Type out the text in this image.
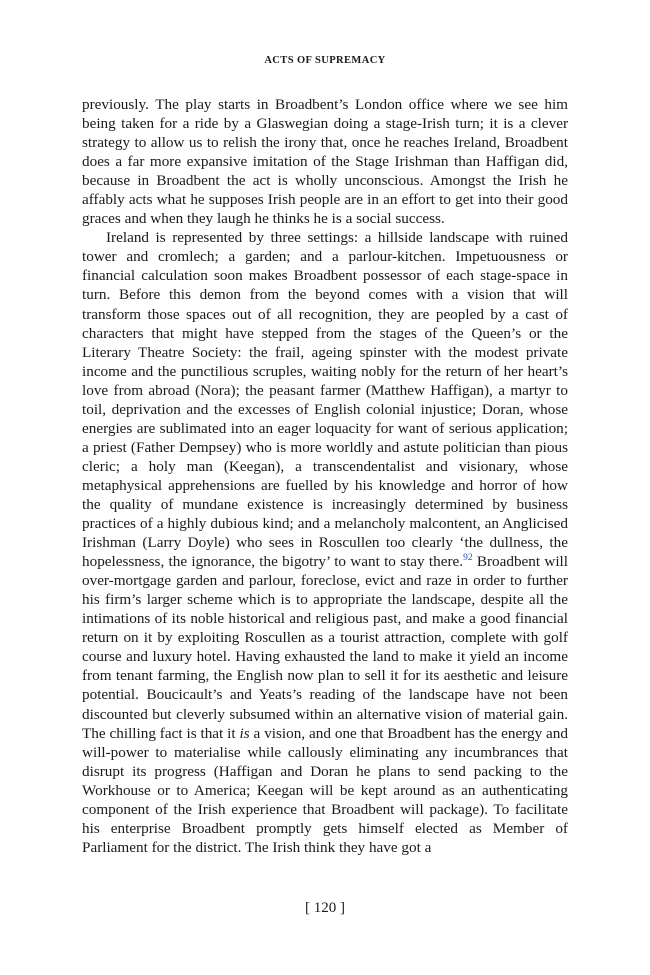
ACTS OF SUPREMACY

previously. The play starts in Broadbent’s London office where we see him being taken for a ride by a Glaswegian doing a stage-Irish turn; it is a clever strategy to allow us to relish the irony that, once he reaches Ireland, Broadbent does a far more expansive imitation of the Stage Irishman than Haffigan did, because in Broadbent the act is wholly unconscious. Amongst the Irish he affably acts what he supposes Irish people are in an effort to get into their good graces and when they laugh he thinks he is a social success.

Ireland is represented by three settings: a hillside landscape with ruined tower and cromlech; a garden; and a parlour-kitchen. Impetuousness or financial calculation soon makes Broadbent possessor of each stage-space in turn. Before this demon from the beyond comes with a vision that will transform those spaces out of all recognition, they are peopled by a cast of characters that might have stepped from the stages of the Queen’s or the Literary Theatre Society: the frail, ageing spinster with the modest private income and the punctilious scruples, waiting nobly for the return of her heart’s love from abroad (Nora); the peasant farmer (Matthew Haffigan), a martyr to toil, deprivation and the excesses of English colonial injustice; Doran, whose energies are sublimated into an eager loquacity for want of serious application; a priest (Father Dempsey) who is more worldly and astute politician than pious cleric; a holy man (Keegan), a transcendentalist and visionary, whose metaphysical apprehensions are fuelled by his knowledge and horror of how the quality of mundane existence is increasingly determined by business practices of a highly dubious kind; and a melancholy malcontent, an Anglicised Irishman (Larry Doyle) who sees in Roscullen too clearly ‘the dullness, the hopelessness, the ignorance, the bigotry’ to want to stay there.$^{92}$ Broadbent will over-mortgage garden and parlour, foreclose, evict and raze in order to further his firm’s larger scheme which is to appropriate the landscape, despite all the intimations of its noble historical and religious past, and make a good financial return on it by exploiting Roscullen as a tourist attraction, complete with golf course and luxury hotel. Having exhausted the land to make it yield an income from tenant farming, the English now plan to sell it for its aesthetic and leisure potential. Boucicault’s and Yeats’s reading of the landscape have not been discounted but cleverly subsumed within an alternative vision of material gain. The chilling fact is that it is a vision, and one that Broadbent has the energy and will-power to materialise while callously eliminating any incumbrances that disrupt its progress (Haffigan and Doran he plans to send packing to the Workhouse or to America; Keegan will be kept around as an authenticating component of the Irish experience that Broadbent will package). To facilitate his enterprise Broadbent promptly gets himself elected as Member of Parliament for the district. The Irish think they have got a

[ 120 ]
